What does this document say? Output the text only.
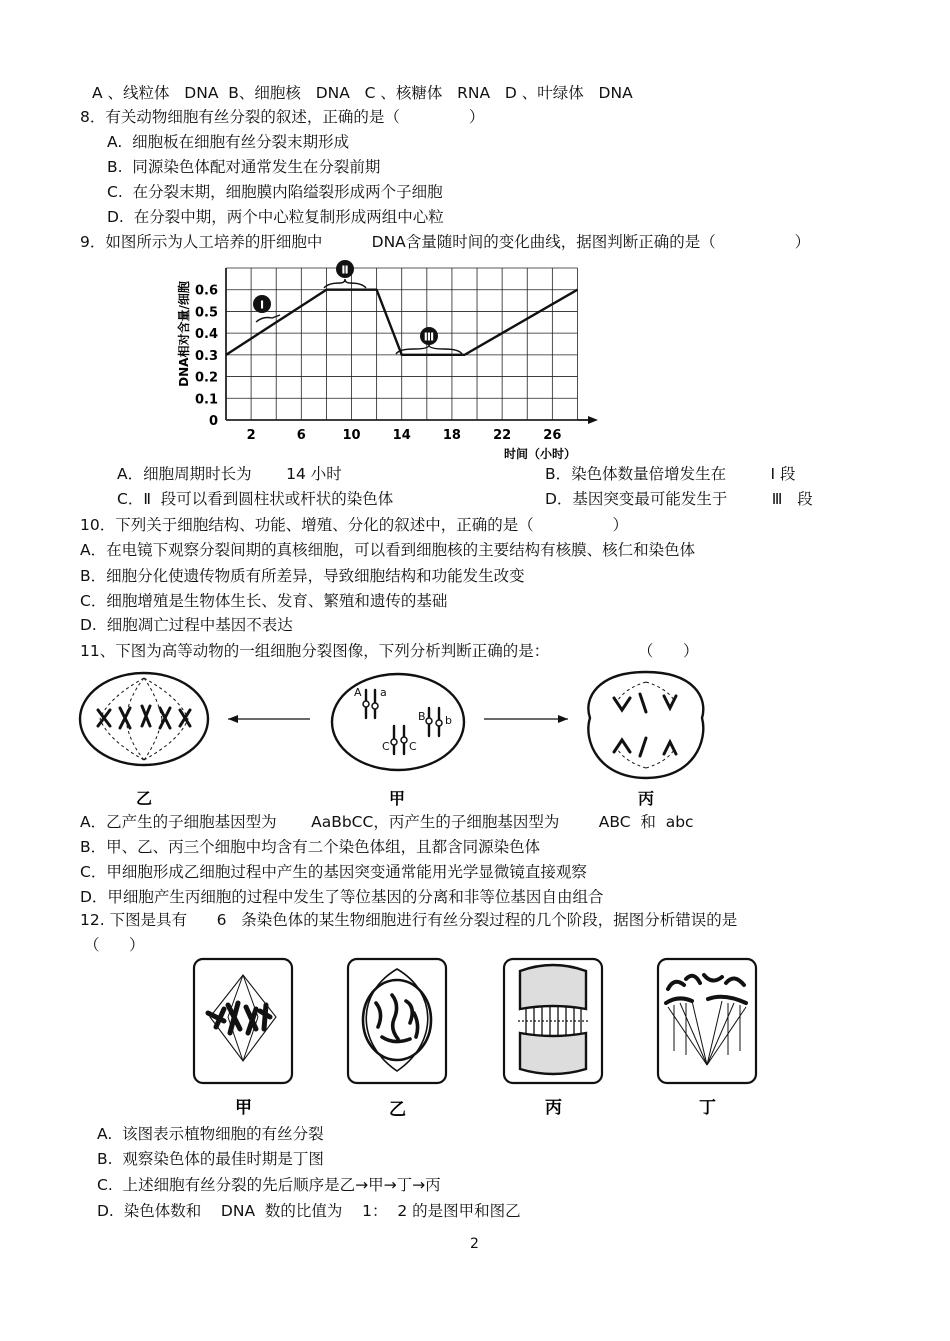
A 、线粒体   DNA  B、细胞核   DNA   C 、核糖体   RNA   D 、叶绿体   DNA
8．有关动物细胞有丝分裂的叙述，正确的是（              ）
A.  细胞板在细胞有丝分裂末期形成
B.  同源染色体配对通常发生在分裂前期
C.  在分裂末期，细胞膜内陷缢裂形成两个子细胞
D.  在分裂中期，两个中心粒复制形成两组中心粒
9．如图所示为人工培养的肝细胞中          DNA含量随时间的变化曲线，据图判断正确的是（                ）
DNA相对含量/细胞
0
0.1
0.2
0.3
0.4
0.5
0.6
2	6	10 14 18 22 26
时间（小时）
Ⅰ
Ⅱ
Ⅲ
A．细胞周期时长为       14 小时	B．染色体数量倍增发生在         Ⅰ 段
C．Ⅱ  段可以看到圆柱状或杆状的染色体	D．基因突变最可能发生于         Ⅲ   段
10．下列关于细胞结构、功能、增殖、分化的叙述中，正确的是（                ）
A．在电镜下观察分裂间期的真核细胞，可以看到细胞核的主要结构有核膜、核仁和染色体
B．细胞分化使遗传物质有所差异，导致细胞结构和功能发生改变
C．细胞增殖是生物体生长、发育、繁殖和遗传的基础
D.  细胞凋亡过程中基因不表达
11、下图为高等动物的一组细胞分裂图像，下列分析判断正确的是：                  （      ）
A a
B b
C C
乙	甲	丙
A．乙产生的子细胞基因型为       AaBbCC，丙产生的子细胞基因型为        ABC  和  abc
B．甲、乙、丙三个细胞中均含有二个染色体组，且都含同源染色体
C．甲细胞形成乙细胞过程中产生的基因突变通常能用光学显微镜直接观察
D．甲细胞产生丙细胞的过程中发生了等位基因的分离和非等位基因自由组合
12. 下图是具有      6   条染色体的某生物细胞进行有丝分裂过程的几个阶段，据图分析错误的是
（      ）
甲	乙	丙	丁
A.  该图表示植物细胞的有丝分裂
B.  观察染色体的最佳时期是丁图
C.  上述细胞有丝分裂的先后顺序是乙→甲→丁→丙
D.  染色体数和    DNA  数的比值为    1：  2 的是图甲和图乙
2
